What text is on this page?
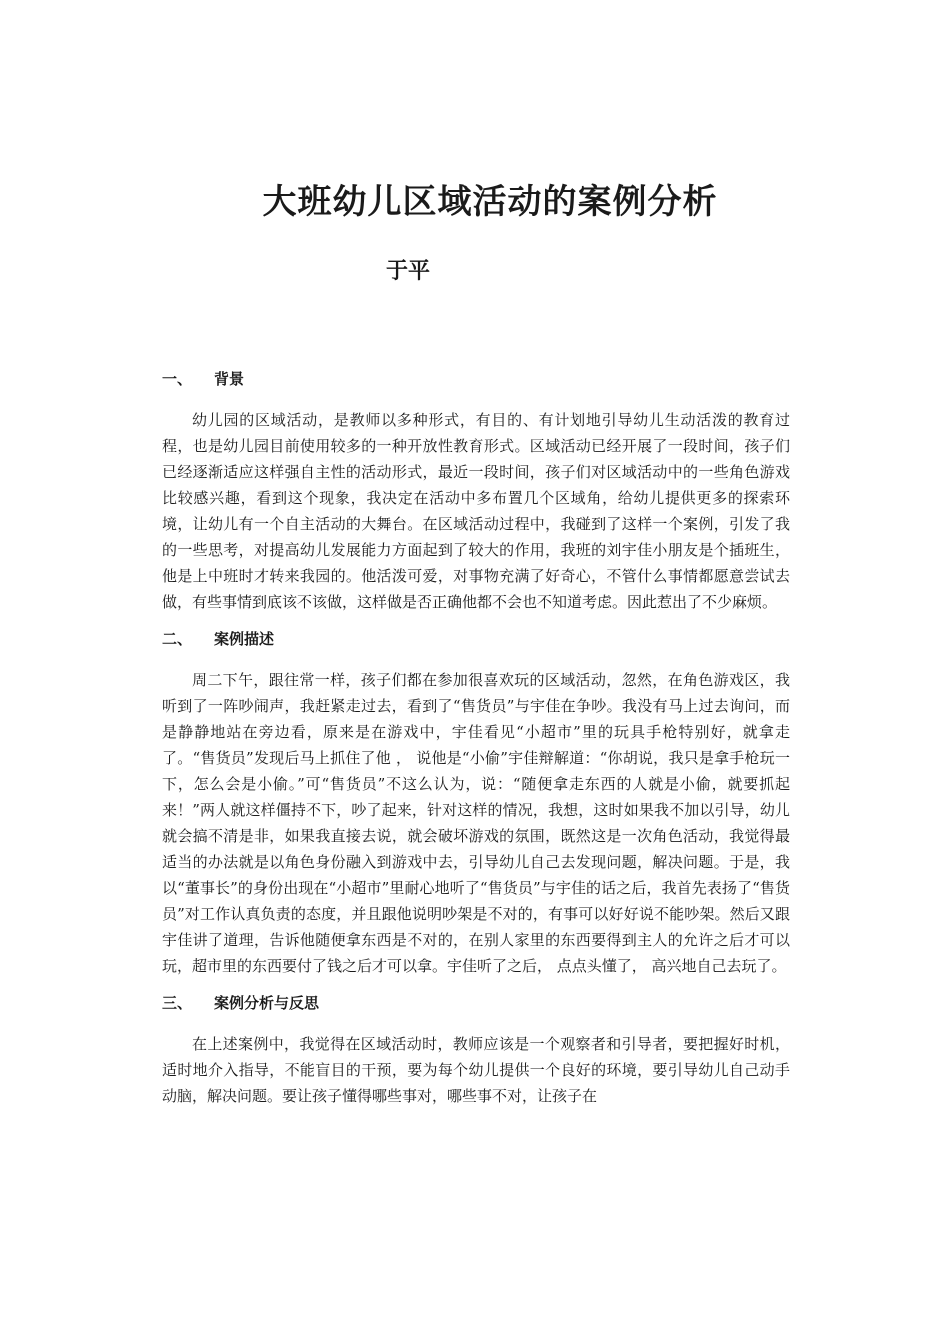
大班幼儿区域活动的案例分析
于平
一、	背景

幼儿园的区域活动，是教师以多种形式，有目的、有计划地引导幼儿生动活泼的教育过程，也是幼儿园目前使用较多的一种开放性教育形式。区域活动已经开展了一段时间，孩子们已经逐渐适应这样强自主性的活动形式，最近一段时间，孩子们对区域活动中的一些角色游戏比较感兴趣，看到这个现象，我决定在活动中多布置几个区域角，给幼儿提供更多的探索环境，让幼儿有一个自主活动的大舞台。在区域活动过程中，我碰到了这样一个案例，引发了我的一些思考，对提高幼儿发展能力方面起到了较大的作用，我班的刘宇佳小朋友是个插班生，他是上中班时才转来我园的。他活泼可爱，对事物充满了好奇心，不管什么事情都愿意尝试去做，有些事情到底该不该做，这样做是否正确他都不会也不知道考虑。因此惹出了不少麻烦。

二、	案例描述

周二下午，跟往常一样，孩子们都在参加很喜欢玩的区域活动，忽然，在角色游戏区，我听到了一阵吵闹声，我赶紧走过去，看到了“售货员”与宇佳在争吵。我没有马上过去询问，而是静静地站在旁边看，原来是在游戏中，宇佳看见“小超市”里的玩具手枪特别好，就拿走了。“售货员”发现后马上抓住了他 ， 说他是“小偷”宇佳辩解道：“你胡说，我只是拿手枪玩一下，怎么会是小偷。”可“售货员”不这么认为，说：“随便拿走东西的人就是小偷，就要抓起来！”两人就这样僵持不下，吵了起来，针对这样的情况，我想，这时如果我不加以引导，幼儿就会搞不清是非，如果我直接去说，就会破坏游戏的氛围，既然这是一次角色活动，我觉得最适当的办法就是以角色身份融入到游戏中去，引导幼儿自己去发现问题，解决问题。于是，我以“董事长”的身份出现在“小超市”里耐心地听了“售货员”与宇佳的话之后，我首先表扬了“售货员”对工作认真负责的态度，并且跟他说明吵架是不对的，有事可以好好说不能吵架。然后又跟宇佳讲了道理，告诉他随便拿东西是不对的，在别人家里的东西要得到主人的允许之后才可以玩，超市里的东西要付了钱之后才可以拿。宇佳听了之后， 点点头懂了， 高兴地自己去玩了。

三、	案例分析与反思

在上述案例中，我觉得在区域活动时，教师应该是一个观察者和引导者，要把握好时机，适时地介入指导，不能盲目的干预，要为每个幼儿提供一个良好的环境，要引导幼儿自己动手动脑，解决问题。要让孩子懂得哪些事对，哪些事不对，让孩子在
